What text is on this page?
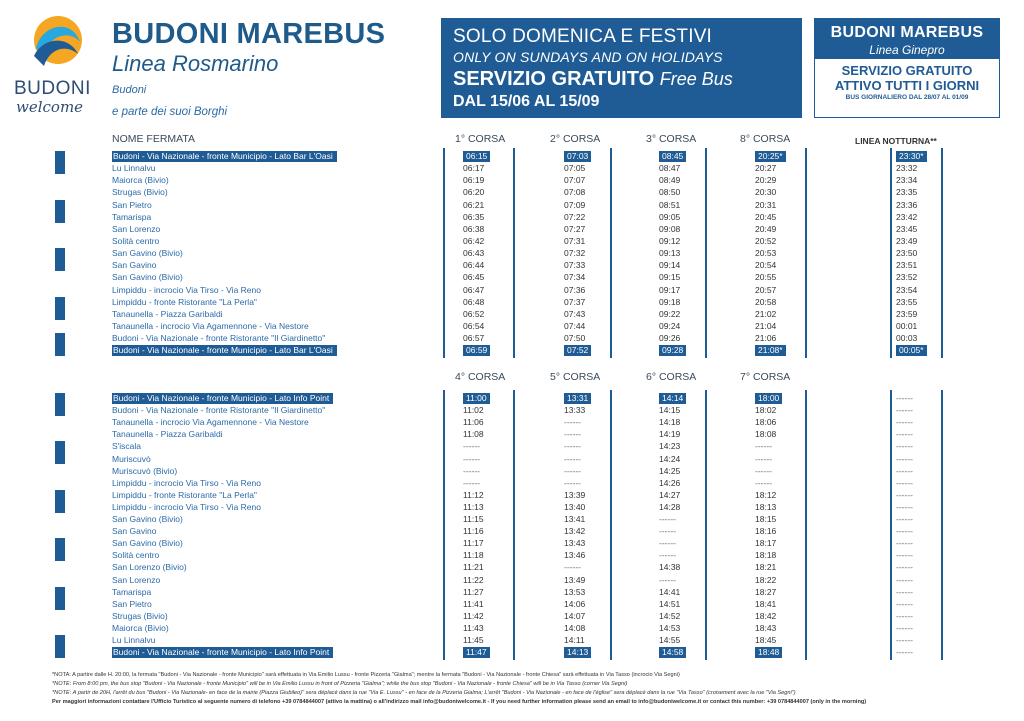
BUDONI
welcome
BUDONI MAREBUS
Linea Rosmarino
Budoni
e parte dei suoi Borghi
SOLO DOMENICA E FESTIVI
ONLY ON SUNDAYS AND ON HOLIDAYS
SERVIZIO GRATUITO Free Bus
DAL 15/06 AL 15/09
BUDONI MAREBUS
Linea Ginepro
SERVIZIO GRATUITO
ATTIVO TUTTI I GIORNI
BUS GIORNALIERO DAL 28/07 AL 01/09
NOME FERMATA	1° CORSA	2° CORSA	3° CORSA	8° CORSA	LINEA NOTTURNA**
4° CORSA	5° CORSA	6° CORSA	7° CORSA
Budoni - Via Nazionale - fronte Municipio - Lato Bar L'Oasi	06:15	07:03	08:45	20:25*	23:30*
Lu Linnalvu	06:17	07:05	08:47	20:27	23:32
Maiorca (Bivio)	06:19	07:07	08:49	20:29	23:34
Strugas (Bivio)	06:20	07:08	08:50	20:30	23:35
San Pietro	06:21	07:09	08:51	20:31	23:36
Tamarispa	06:35	07:22	09:05	20:45	23:42
San Lorenzo	06:38	07:27	09:08	20:49	23:45
Solità centro	06:42	07:31	09:12	20:52	23:49
San Gavino (Bivio)	06:43	07:32	09:13	20:53	23:50
San Gavino	06:44	07:33	09:14	20:54	23:51
San Gavino (Bivio)	06:45	07:34	09:15	20:55	23:52
Limpiddu - incrocio Via Tirso - Via Reno	06:47	07:36	09:17	20:57	23:54
Limpiddu - fronte Ristorante "La Perla"	06:48	07:37	09:18	20:58	23:55
Tanaunella - Piazza Garibaldi	06:52	07:43	09:22	21:02	23:59
Tanaunella - incrocio Via Agamennone - Via Nestore	06:54	07:44	09:24	21:04	00:01
Budoni - Via Nazionale - fronte Ristorante "Il Giardinetto"	06:57	07:50	09:26	21:06	00:03
Budoni - Via Nazionale - fronte Municipio - Lato Bar L'Oasi	06:59	07:52	09:28	21:08*	00:05*
Budoni - Via Nazionale - fronte Municipio - Lato Info Point	11:00	13:31	14:14	18:00	------
Budoni - Via Nazionale - fronte Ristorante "Il Giardinetto"	11:02	13:33	14:15	18:02	------
Tanaunella - incrocio Via Agamennone - Via Nestore	11:06	------	14:18	18:06	------
Tanaunella - Piazza Garibaldi	11:08	------	14:19	18:08	------
S'iscala	------	------	14:23	------	------
Muriscuvò	------	------	14:24	------	------
Muriscuvò (Bivio)	------	------	14:25	------	------
Limpiddu - incrocio Via Tirso - Via Reno	------	------	14:26	------	------
Limpiddu - fronte Ristorante "La Perla"	11:12	13:39	14:27	18:12	------
Limpiddu - incrocio Via Tirso - Via Reno	11:13	13:40	14:28	18:13	------
San Gavino (Bivio)	11:15	13:41	------	18:15	------
San Gavino	11:16	13:42	------	18:16	------
San Gavino (Bivio)	11:17	13:43	------	18:17	------
Solità centro	11:18	13:46	------	18:18	------
San Lorenzo (Bivio)	11:21	------	14:38	18:21	------
San Lorenzo	11:22	13:49	------	18:22	------
Tamarispa	11:27	13:53	14:41	18:27	------
San Pietro	11:41	14:06	14:51	18:41	------
Strugas (Bivio)	11:42	14:07	14:52	18:42	------
Maiorca (Bivio)	11:43	14:08	14:53	18:43	------
Lu Linnalvu	11:45	14:11	14:55	18:45	------
Budoni - Via Nazionale - fronte Municipio - Lato Info Point	11:47	14:13	14:58	18:48	------
*NOTA: A partire dalle H. 20:00, la fermata "Budoni - Via Nazionale - fronte Municipio" sarà effettuata in Via Emilio Lussu - fronte Pizzeria "Gialma"; mentre la fermata "Budoni - Via Nazionale - fronte Chiesa" sarà effettuata in Via Tasso (incrocio Via Segni)
*NOTE: From 8:00 pm, the bus stop "Budoni - Via Nazionale - fronte Municipio" will be in Via Emilio Lussu in front of Pizzeria "Gialma"; while the bus stop "Budoni - Via Nazionale - fronte Chiesa" will be in Via Tasso (corner Via Segni)
*NOTE: A partir de 20H, l'arrêt du bus "Budoni - Via Nazionale- en face de la mairie (Piazza Giubileo)" sera déplacé dans la rue "Via E. Lussu" - en face de la Pizzeria Gialma; L'arrêt "Budoni - Via Nazionale - en face de l'église" sera déplacé dans la rue "Via Tasso" (croisement avec la rue "Via Segni")
Per maggiori informazioni contattare l'Ufficio Turistico al seguente numero di telefono +39 0784844007 (attivo la mattina) o all'indirizzo mail info@budoniwelcome.it - If you need further information please send an email to info@budoniwelcome.it or contact this number: +39 0784844007 (only in the morning)
